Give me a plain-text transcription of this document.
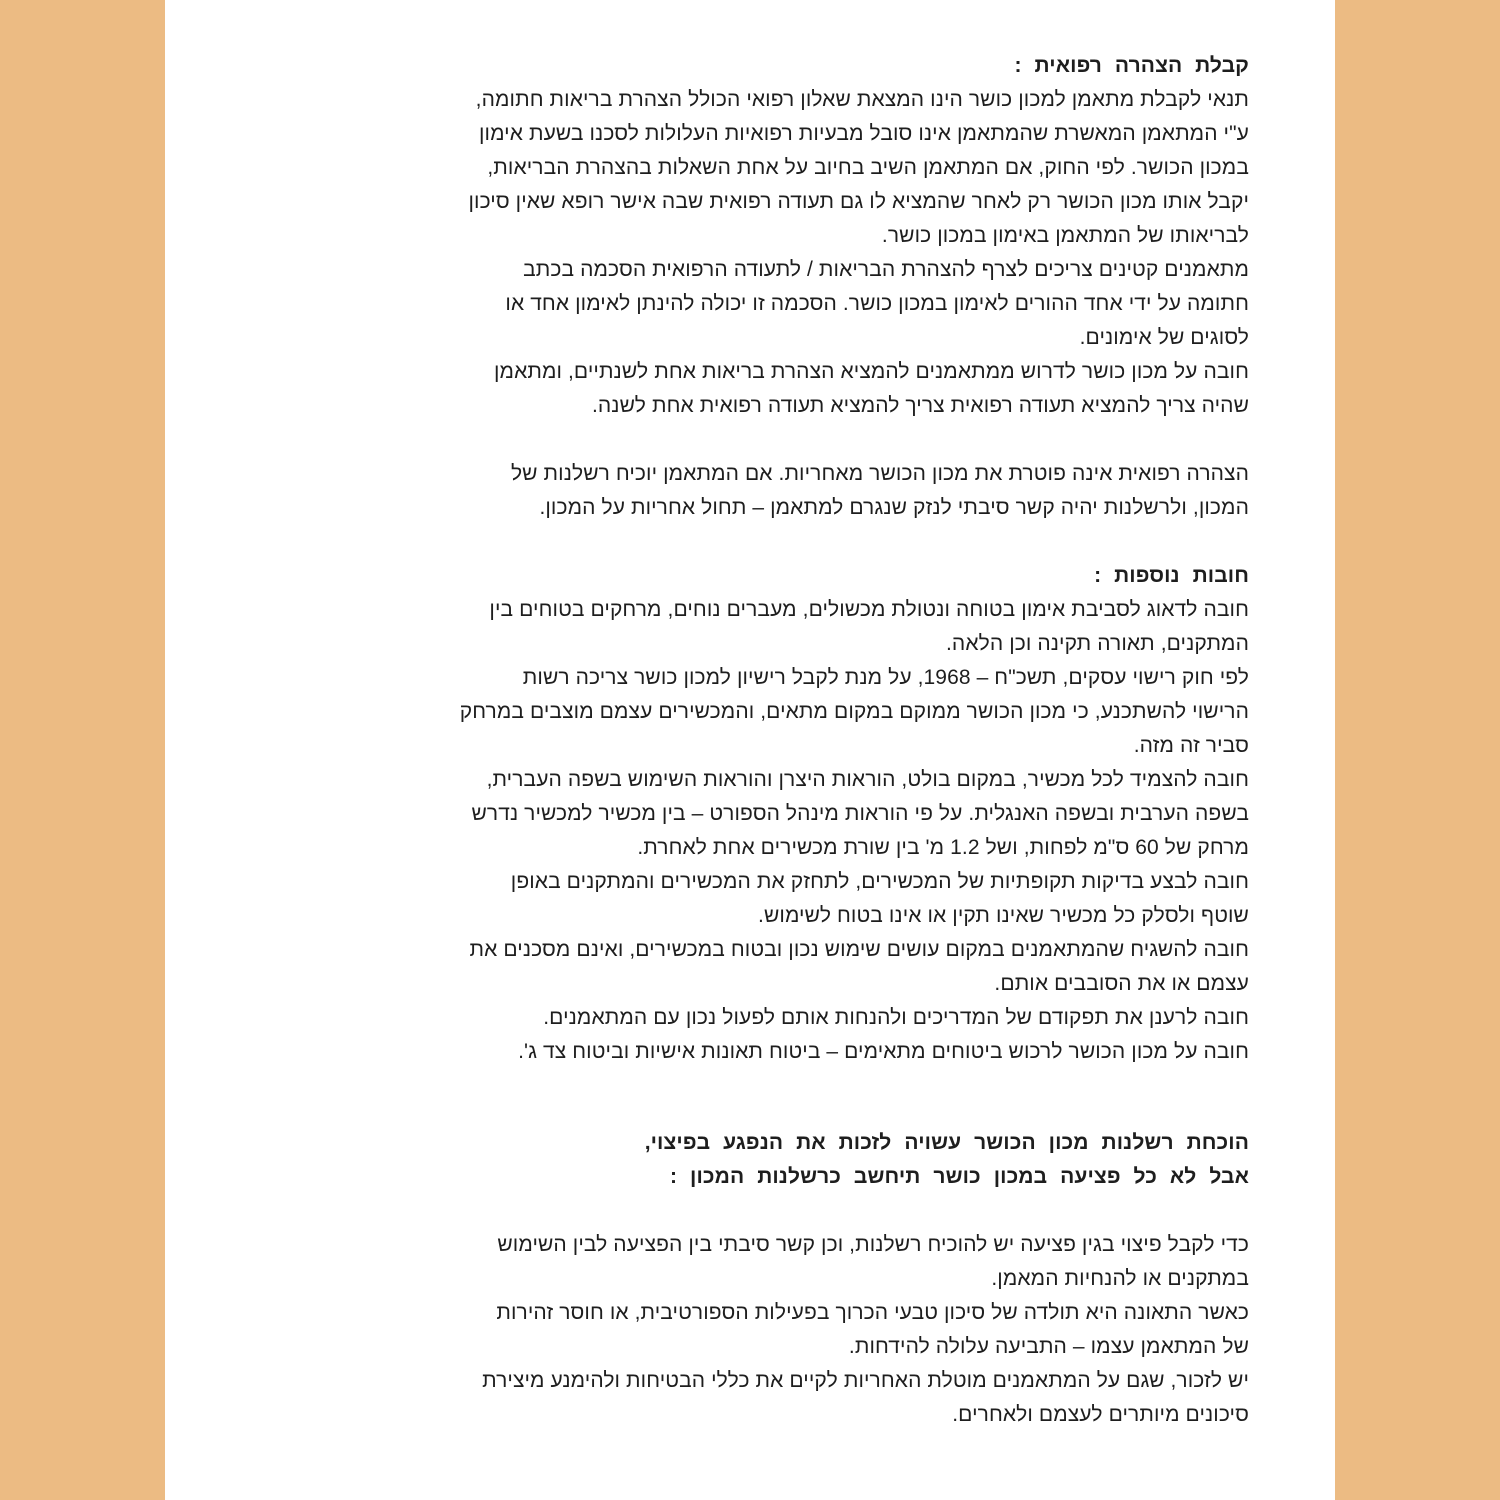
קבלת הצהרה רפואית :
תנאי לקבלת מתאמן למכון כושר הינו המצאת שאלון רפואי הכולל הצהרת בריאות חתומה,
ע"י המתאמן המאשרת שהמתאמן אינו סובל מבעיות רפואיות העלולות לסכנו בשעת אימון
במכון הכושר. לפי החוק, אם המתאמן השיב בחיוב על אחת השאלות בהצהרת הבריאות,
יקבל אותו מכון הכושר רק לאחר שהמציא לו גם תעודה רפואית שבה אישר רופא שאין סיכון
לבריאותו של המתאמן באימון במכון כושר.
מתאמנים קטינים צריכים לצרף להצהרת הבריאות / לתעודה הרפואית הסכמה בכתב
חתומה על ידי אחד ההורים לאימון במכון כושר. הסכמה זו יכולה להינתן לאימון אחד או
לסוגים של אימונים.
חובה על מכון כושר לדרוש ממתאמנים להמציא הצהרת בריאות אחת לשנתיים, ומתאמן
שהיה צריך להמציא תעודה רפואית צריך להמציא תעודה רפואית אחת לשנה.
הצהרה רפואית אינה פוטרת את מכון הכושר מאחריות. אם המתאמן יוכיח רשלנות של
המכון, ולרשלנות יהיה קשר סיבתי לנזק שנגרם למתאמן – תחול אחריות על המכון.
חובות נוספות :
חובה לדאוג לסביבת אימון בטוחה ונטולת מכשולים, מעברים נוחים, מרחקים בטוחים בין
המתקנים, תאורה תקינה וכן הלאה.
לפי חוק רישוי עסקים, תשכ"ח – 1968, על מנת לקבל רישיון למכון כושר צריכה רשות
הרישוי להשתכנע, כי מכון הכושר ממוקם במקום מתאים, והמכשירים עצמם מוצבים במרחק
סביר זה מזה.
חובה להצמיד לכל מכשיר, במקום בולט, הוראות היצרן והוראות השימוש בשפה העברית,
בשפה הערבית ובשפה האנגלית. על פי הוראות מינהל הספורט – בין מכשיר למכשיר נדרש
מרחק של 60 ס"מ לפחות, ושל 1.2 מ' בין שורת מכשירים אחת לאחרת.
חובה לבצע בדיקות תקופתיות של המכשירים, לתחזק את המכשירים והמתקנים באופן
שוטף ולסלק כל מכשיר שאינו תקין או אינו בטוח לשימוש.
חובה להשגיח שהמתאמנים במקום עושים שימוש נכון ובטוח במכשירים, ואינם מסכנים את
עצמם או את הסובבים אותם.
חובה לרענן את תפקודם של המדריכים ולהנחות אותם לפעול נכון עם המתאמנים.
חובה על מכון הכושר לרכוש ביטוחים מתאימים – ביטוח תאונות אישיות וביטוח צד ג'.
הוכחת רשלנות מכון הכושר עשויה לזכות את הנפגע בפיצוי,
אבל לא כל פציעה במכון כושר תיחשב כרשלנות המכון :
כדי לקבל פיצוי בגין פציעה יש להוכיח רשלנות, וכן קשר סיבתי בין הפציעה לבין השימוש
במתקנים או להנחיות המאמן.
כאשר התאונה היא תולדה של סיכון טבעי הכרוך בפעילות הספורטיבית, או חוסר זהירות
של המתאמן עצמו – התביעה עלולה להידחות.
יש לזכור, שגם על המתאמנים מוטלת האחריות לקיים את כללי הבטיחות ולהימנע מיצירת
סיכונים מיותרים לעצמם ולאחרים.
